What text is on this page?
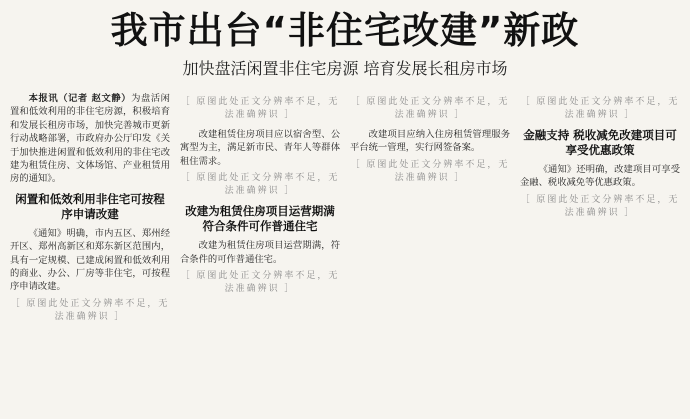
我市出台“非住宅改建”新政
加快盘活闲置非住宅房源 培育发展长租房市场

本报讯（记者 赵文静）为盘活闲置和低效利用的非住宅房源，积极培育和发展长租房市场，加快完善城市更新行动战略部署，市政府办公厅印发《关于加快推进闲置和低效利用的非住宅改建为租赁住房、文体场馆、产业租赁用房的通知》。

闲置和低效利用非住宅可按程序申请改建

《通知》明确，市内五区、郑州经开区、郑州高新区和郑东新区范围内，具有一定规模、已建成闲置和低效利用的商业、办公、厂房等非住宅，可按程序申请改建。

［ 原图此处正文分辨率不足，无法准确辨识 ］
［ 原图此处正文分辨率不足，无法准确辨识 ］

改建租赁住房项目应以宿舍型、公寓型为主，满足新市民、青年人等群体租住需求。

［ 原图此处正文分辨率不足，无法准确辨识 ］
改建为租赁住房项目运营期满符合条件可作普通住宅

改建为租赁住房项目运营期满，符合条件的可作普通住宅。

［ 原图此处正文分辨率不足，无法准确辨识 ］
［ 原图此处正文分辨率不足，无法准确辨识 ］

改建项目应纳入住房租赁管理服务平台统一管理，实行网签备案。

［ 原图此处正文分辨率不足，无法准确辨识 ］
［ 原图此处正文分辨率不足，无法准确辨识 ］
金融支持 税收减免改建项目可享受优惠政策

《通知》还明确，改建项目可享受金融、税收减免等优惠政策。

［ 原图此处正文分辨率不足，无法准确辨识 ］
